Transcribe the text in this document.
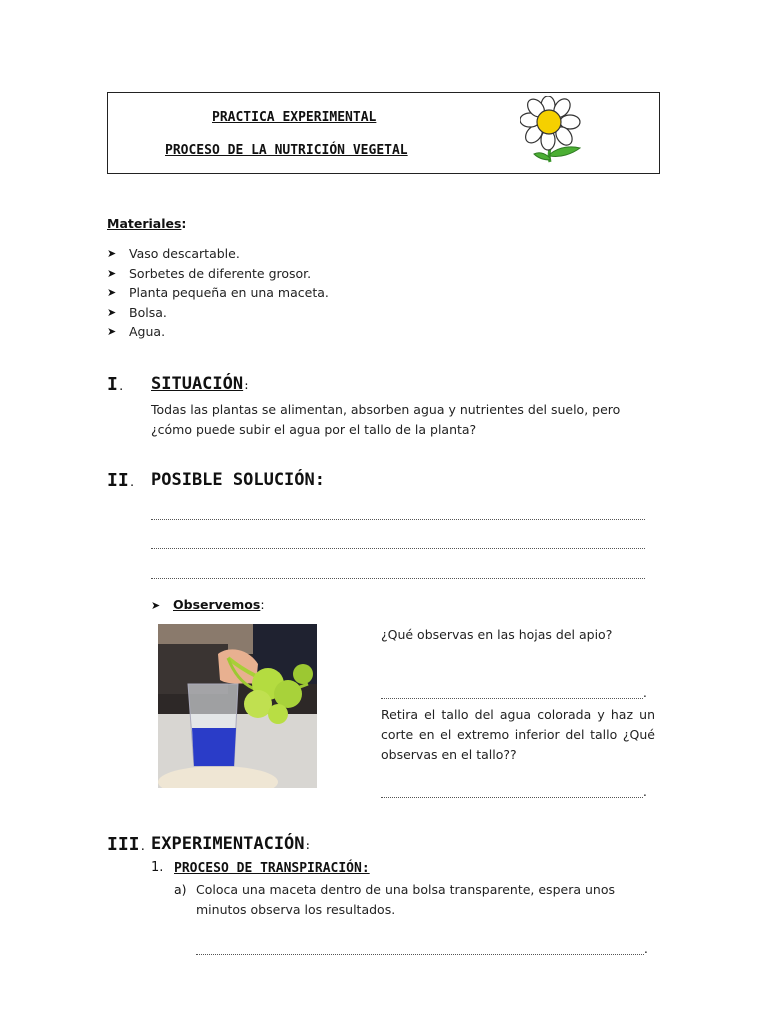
PRACTICA EXPERIMENTAL
PROCESO DE LA NUTRICIÓN VEGETAL
Materiales:
➤	Vaso descartable.
➤	Sorbetes de diferente grosor.
➤	Planta pequeña en una maceta.
➤	Bolsa.
➤	Agua.
I. SITUACIÓN:
Todas las plantas se alimentan, absorben agua y nutrientes del suelo, pero ¿cómo puede subir el agua por el tallo de la planta?
II. POSIBLE SOLUCIÓN:
➤ Observemos:
¿Qué observas en las hojas del apio?
.
Retira el tallo del agua colorada y haz un corte en el extremo inferior del tallo ¿Qué observas en el tallo??
.
III. EXPERIMENTACIÓN:
1. PROCESO DE TRANSPIRACIÓN:
a) Coloca una maceta dentro de una bolsa transparente, espera unos minutos observa los resultados.
.
